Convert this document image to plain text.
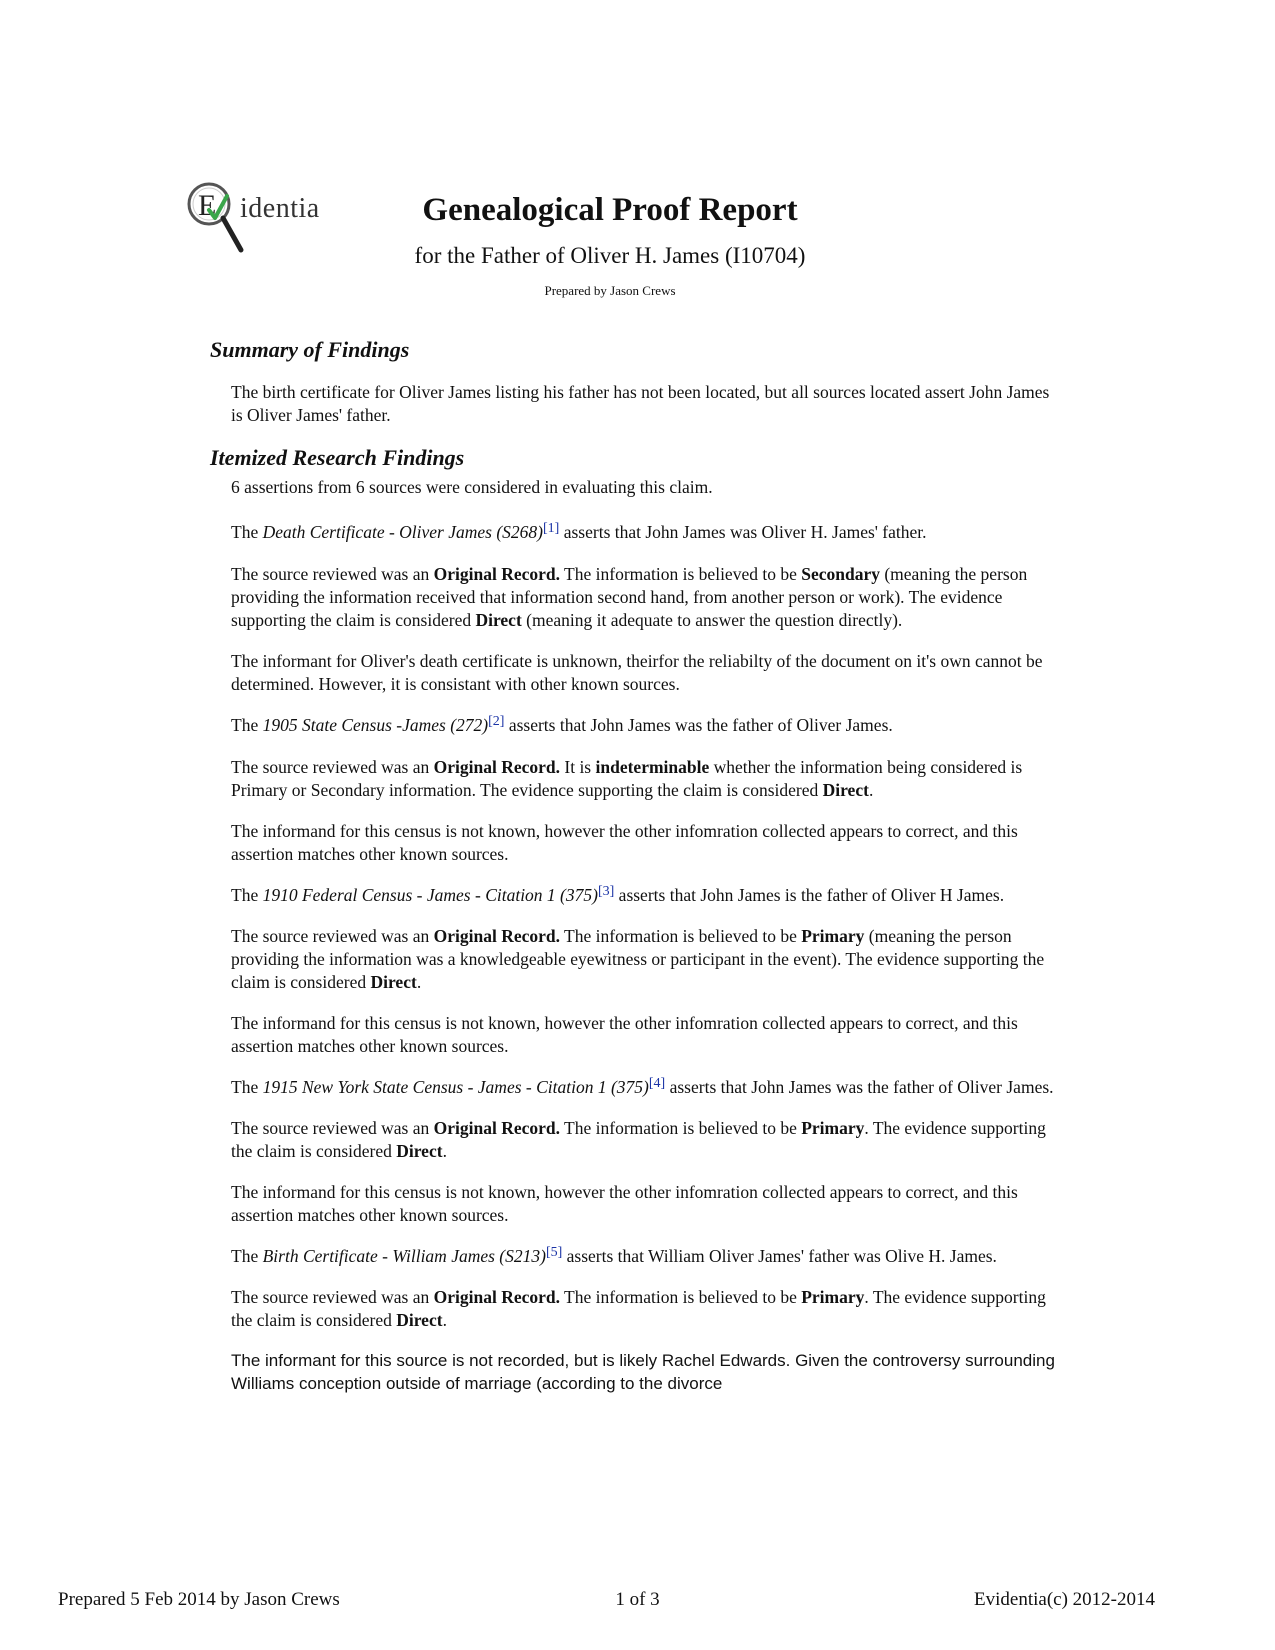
E identia	Genealogical Proof Report
for the Father of Oliver H. James (I10704)
Prepared by Jason Crews
Summary of Findings

The birth certificate for Oliver James listing his father has not been located, but all sources located assert John James is Oliver James' father.

Itemized Research Findings

6 assertions from 6 sources were considered in evaluating this claim.

The Death Certificate - Oliver James (S268)[1] asserts that John James was Oliver H. James' father.

The source reviewed was an Original Record. The information is believed to be Secondary (meaning the person providing the information received that information second hand, from another person or work). The evidence supporting the claim is considered Direct (meaning it adequate to answer the question directly).

The informant for Oliver's death certificate is unknown, theirfor the reliabilty of the document on it's own cannot be determined. However, it is consistant with other known sources.

The 1905 State Census -James (272)[2] asserts that John James was the father of Oliver James.

The source reviewed was an Original Record. It is indeterminable whether the information being considered is Primary or Secondary information. The evidence supporting the claim is considered Direct.

The informand for this census is not known, however the other infomration collected appears to correct, and this assertion matches other known sources.

The 1910 Federal Census - James - Citation 1 (375)[3] asserts that John James is the father of Oliver H James.

The source reviewed was an Original Record. The information is believed to be Primary (meaning the person providing the information was a knowledgeable eyewitness or participant in the event). The evidence supporting the claim is considered Direct.

The informand for this census is not known, however the other infomration collected appears to correct, and this assertion matches other known sources.

The 1915 New York State Census - James - Citation 1 (375)[4] asserts that John James was the father of Oliver James.

The source reviewed was an Original Record. The information is believed to be Primary. The evidence supporting the claim is considered Direct.

The informand for this census is not known, however the other infomration collected appears to correct, and this assertion matches other known sources.

The Birth Certificate - William James (S213)[5] asserts that William Oliver James' father was Olive H. James.

The source reviewed was an Original Record. The information is believed to be Primary. The evidence supporting the claim is considered Direct.

The informant for this source is not recorded, but is likely Rachel Edwards. Given the controversy surrounding Williams conception outside of marriage (according to the divorce

Prepared 5 Feb 2014 by Jason Crews	1 of 3	Evidentia(c) 2012-2014
